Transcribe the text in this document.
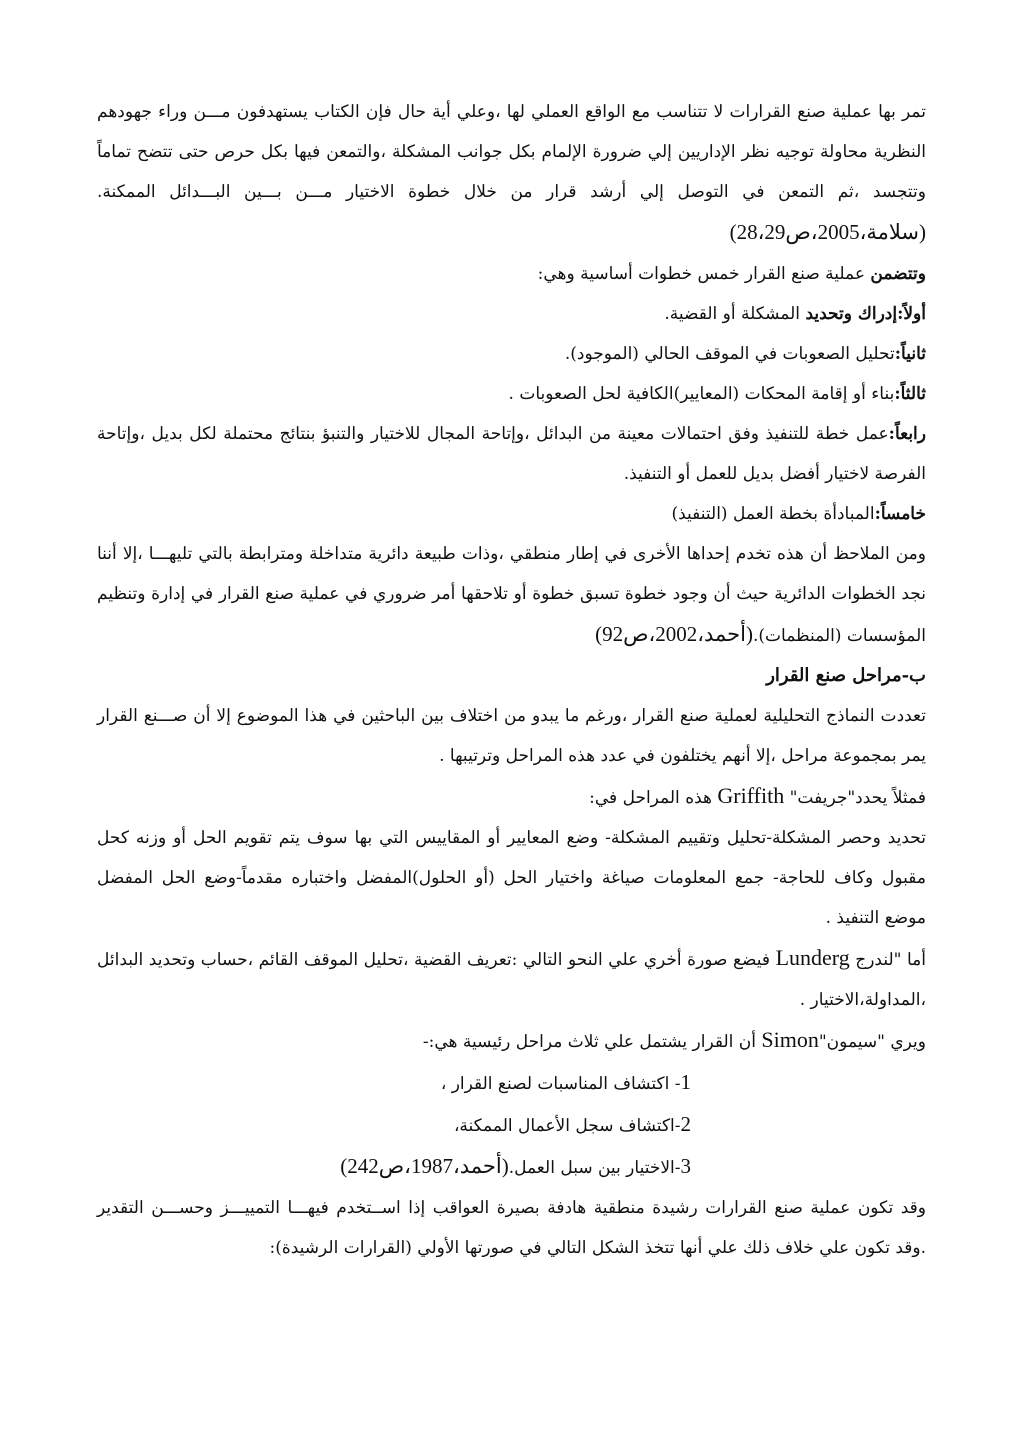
تمر بها عملية صنع القرارات لا تتناسب مع الواقع العملي لها ،وعلي أية حال فإن الكتاب يستهدفون مـــن وراء جهودهم النظرية محاولة توجيه نظر الإداريين إلي ضرورة الإلمام بكل جوانب المشكلة ،والتمعن فيها بكل حرص حتى تتضح تماماً وتتجسد ،ثم التمعن في التوصل إلي أرشد قرار من خلال خطوة الاختيار مـــن بـــين البـــدائل الممكنة.(سلامة،2005،ص28،29)

وتتضمن عملية صنع القرار خمس خطوات أساسية وهي:

أولاً:إدراك وتحديد المشكلة أو القضية.

ثانياً:تحليل الصعوبات في الموقف الحالي (الموجود).

ثالثاً:بناء أو إقامة المحكات (المعايير)الكافية لحل الصعوبات .

رابعاً:عمل خطة للتنفيذ وفق احتمالات معينة من البدائل ،وإتاحة المجال للاختيار والتنبؤ بنتائج محتملة لكل بديل ،وإتاحة الفرصة لاختيار أفضل بديل للعمل أو التنفيذ.

خامساً:المبادأة بخطة العمل (التنفيذ)

ومن الملاحظ أن هذه تخدم إحداها الأخرى في إطار منطقي ،وذات طبيعة دائرية متداخلة ومترابطة بالتي تليهـــا ،إلا أننا نجد الخطوات الدائرية حيث أن وجود خطوة تسبق خطوة أو تلاحقها أمر ضروري في عملية صنع القرار في إدارة وتنظيم المؤسسات (المنظمات).(أحمد،2002،ص92)

ب-مراحل صنع القرار

تعددت النماذج التحليلية لعملية صنع القرار ،ورغم ما يبدو من اختلاف بين الباحثين في هذا الموضوع إلا أن صـــنع القرار يمر بمجموعة مراحل ،إلا أنهم يختلفون في عدد هذه المراحل وترتيبها .

فمثلاً يحدد"جريفت" Griffith هذه المراحل في:

تحديد وحصر المشكلة-تحليل وتقييم المشكلة- وضع المعايير أو المقاييس التي بها سوف يتم تقويم الحل أو وزنه كحل مقبول وكاف للحاجة- جمع المعلومات صياغة واختيار الحل (أو الحلول)المفضل واختباره مقدماً-وضع الحل المفضل موضع التنفيذ .

أما "لندرج Lunderg فيضع صورة أخري علي النحو التالي :تعريف القضية ،تحليل الموقف القائم ،حساب وتحديد البدائل ،المداولة،الاختيار .

ويري "سيمون"Simon أن القرار يشتمل علي ثلاث مراحل رئيسية هي:-

1- اكتشاف المناسبات لصنع القرار ،

2-اكتشاف سجل الأعمال الممكنة،

3-الاختيار بين سبل العمل.(أحمد،1987،ص242)

وقد تكون عملية صنع القرارات رشيدة منطقية هادفة بصيرة العواقب إذا اســتخدم فيهـــا التمييـــز وحســـن التقدير .وقد تكون علي خلاف ذلك علي أنها تتخذ الشكل التالي في صورتها الأولي (القرارات الرشيدة):
